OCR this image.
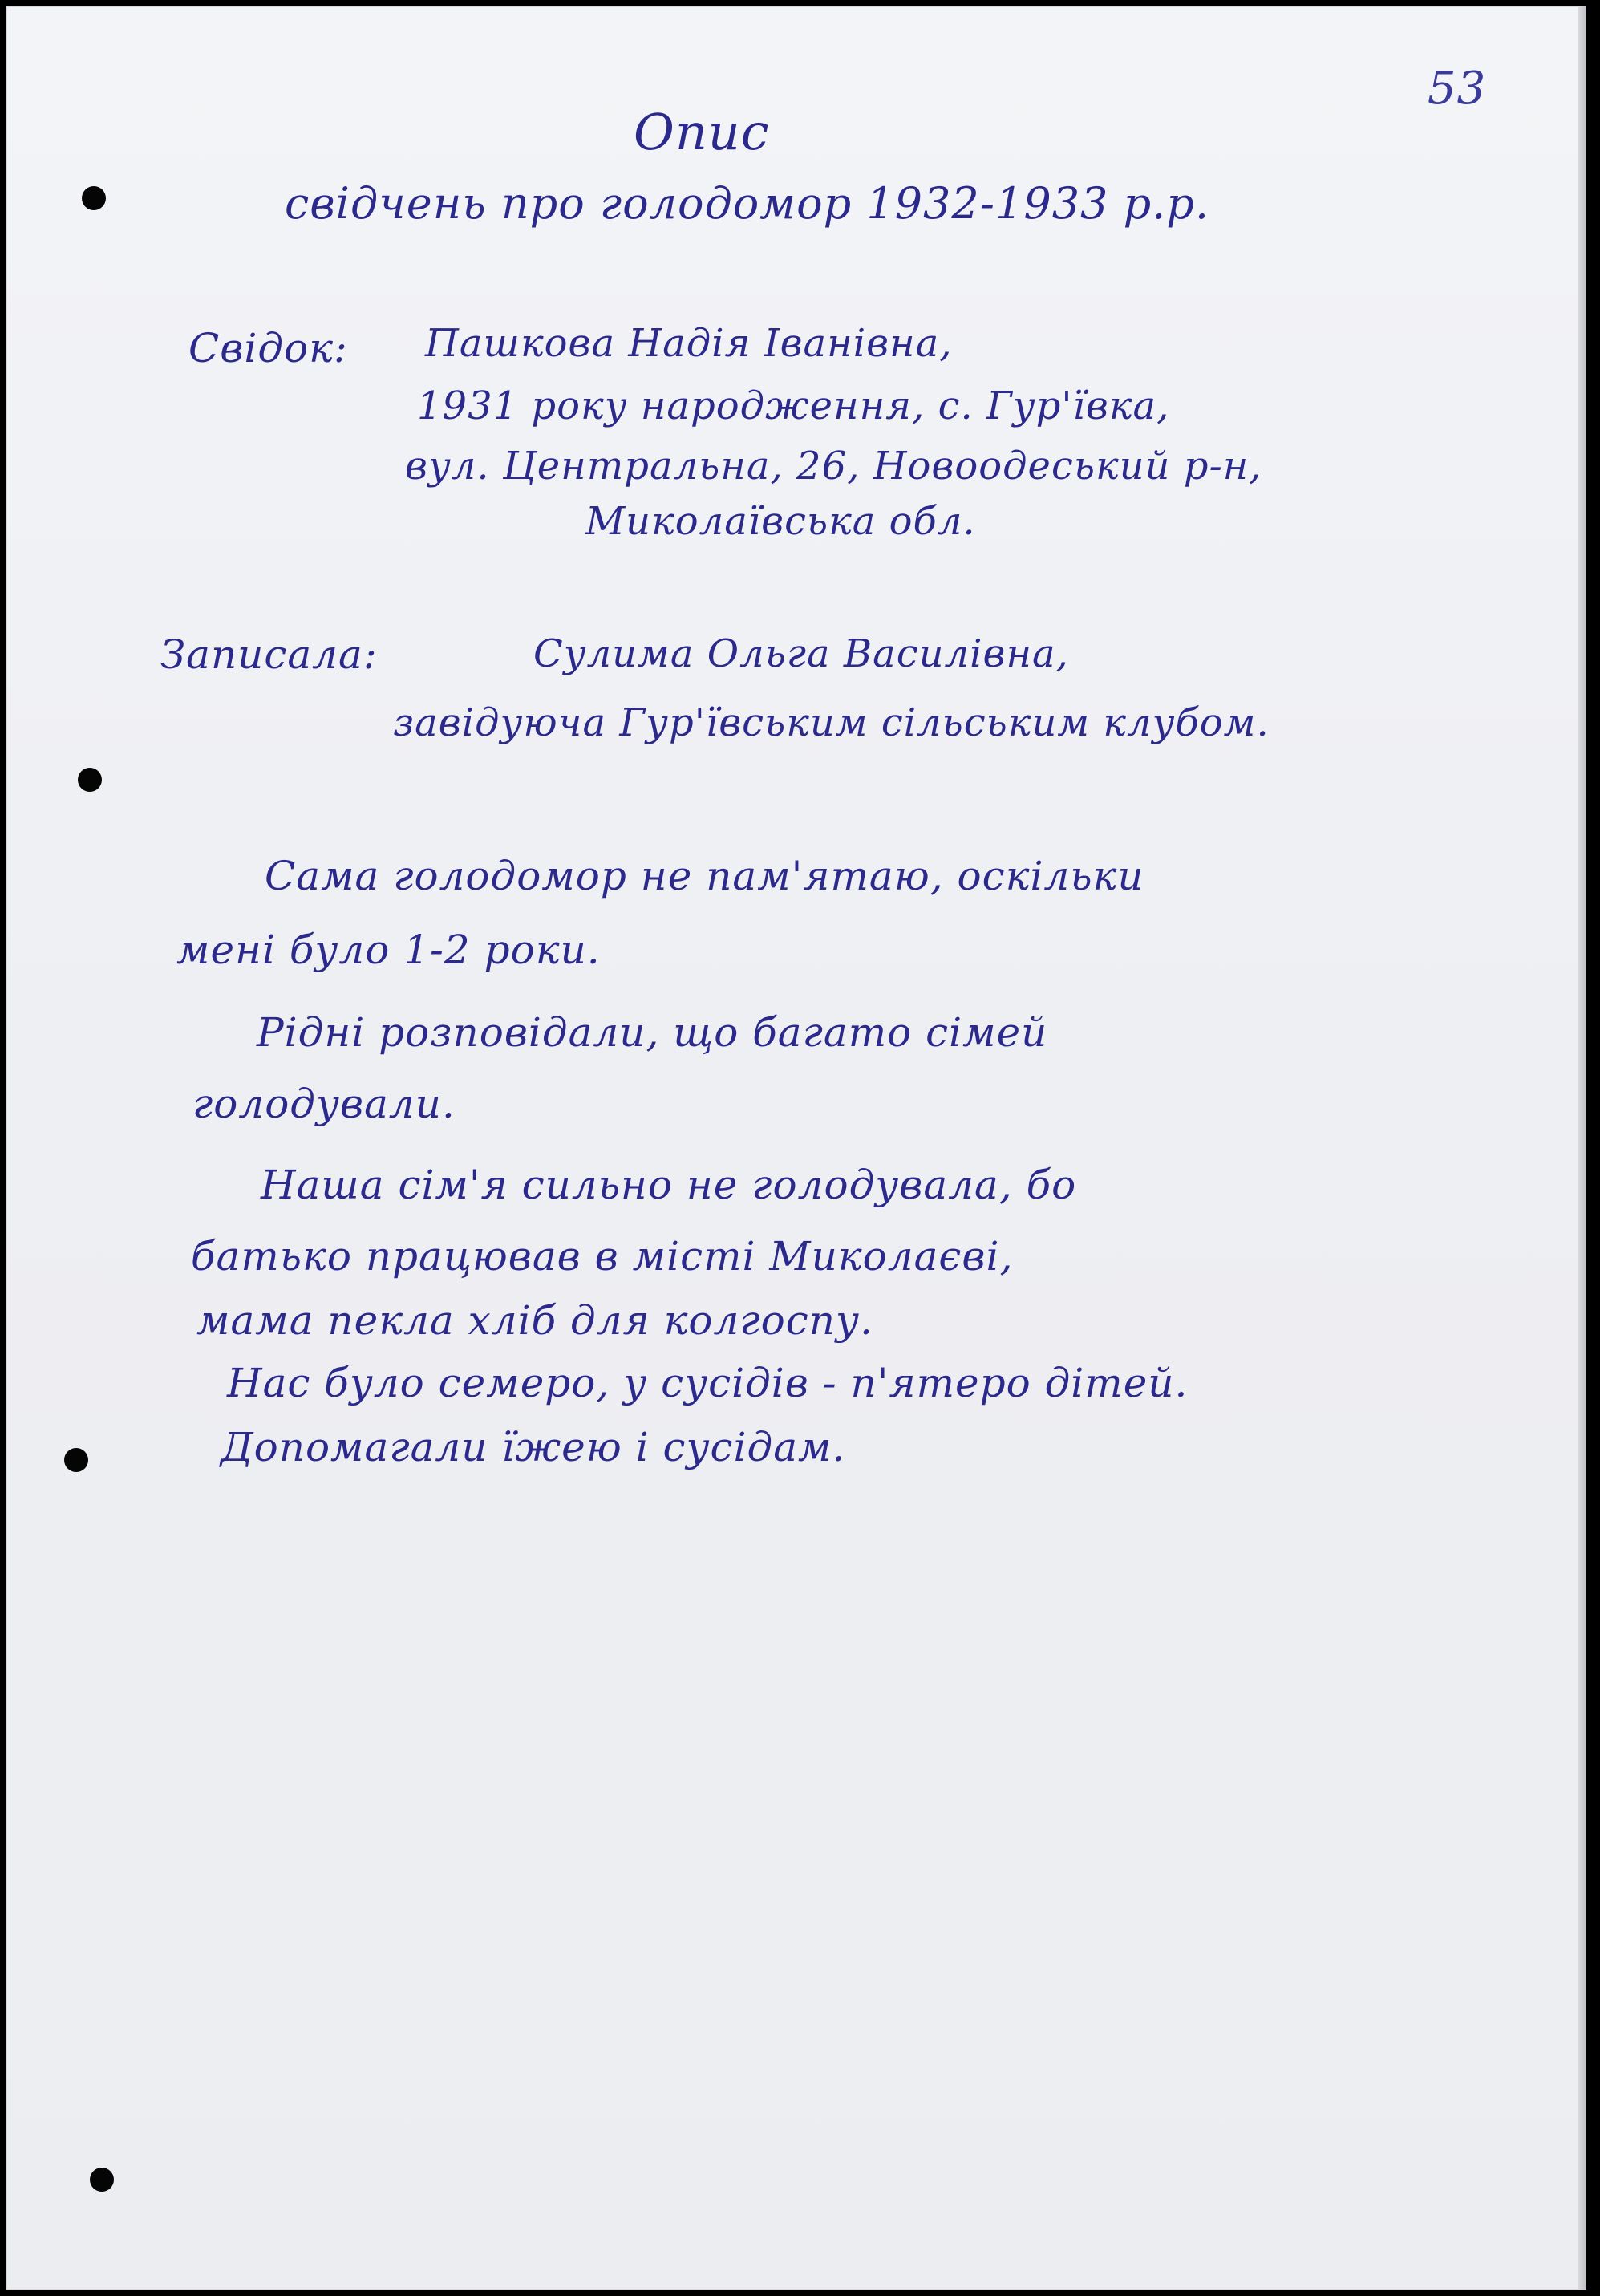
53
Опис
свідчень про голодомор 1932-1933 р.р.
Свідок: Пашкова Надія Іванівна,
1931 року народження, с. Гур'ївка,
вул. Центральна, 26, Новоодеський р-н,
Миколаївська обл.
Записала:	Сулима Ольга Василівна,
завідуюча Гур'ївським сільським клубом.
Сама голодомор не пам'ятаю, оскільки
мені було 1-2 роки.
Рідні розповідали, що багато сімей
голодували.
Наша сім'я сильно не голодувала, бо
батько працював в місті Миколаєві,
мама пекла хліб для колгоспу.
Нас було семеро, у сусідів - п'ятеро дітей.
Допомагали їжею і сусідам.
